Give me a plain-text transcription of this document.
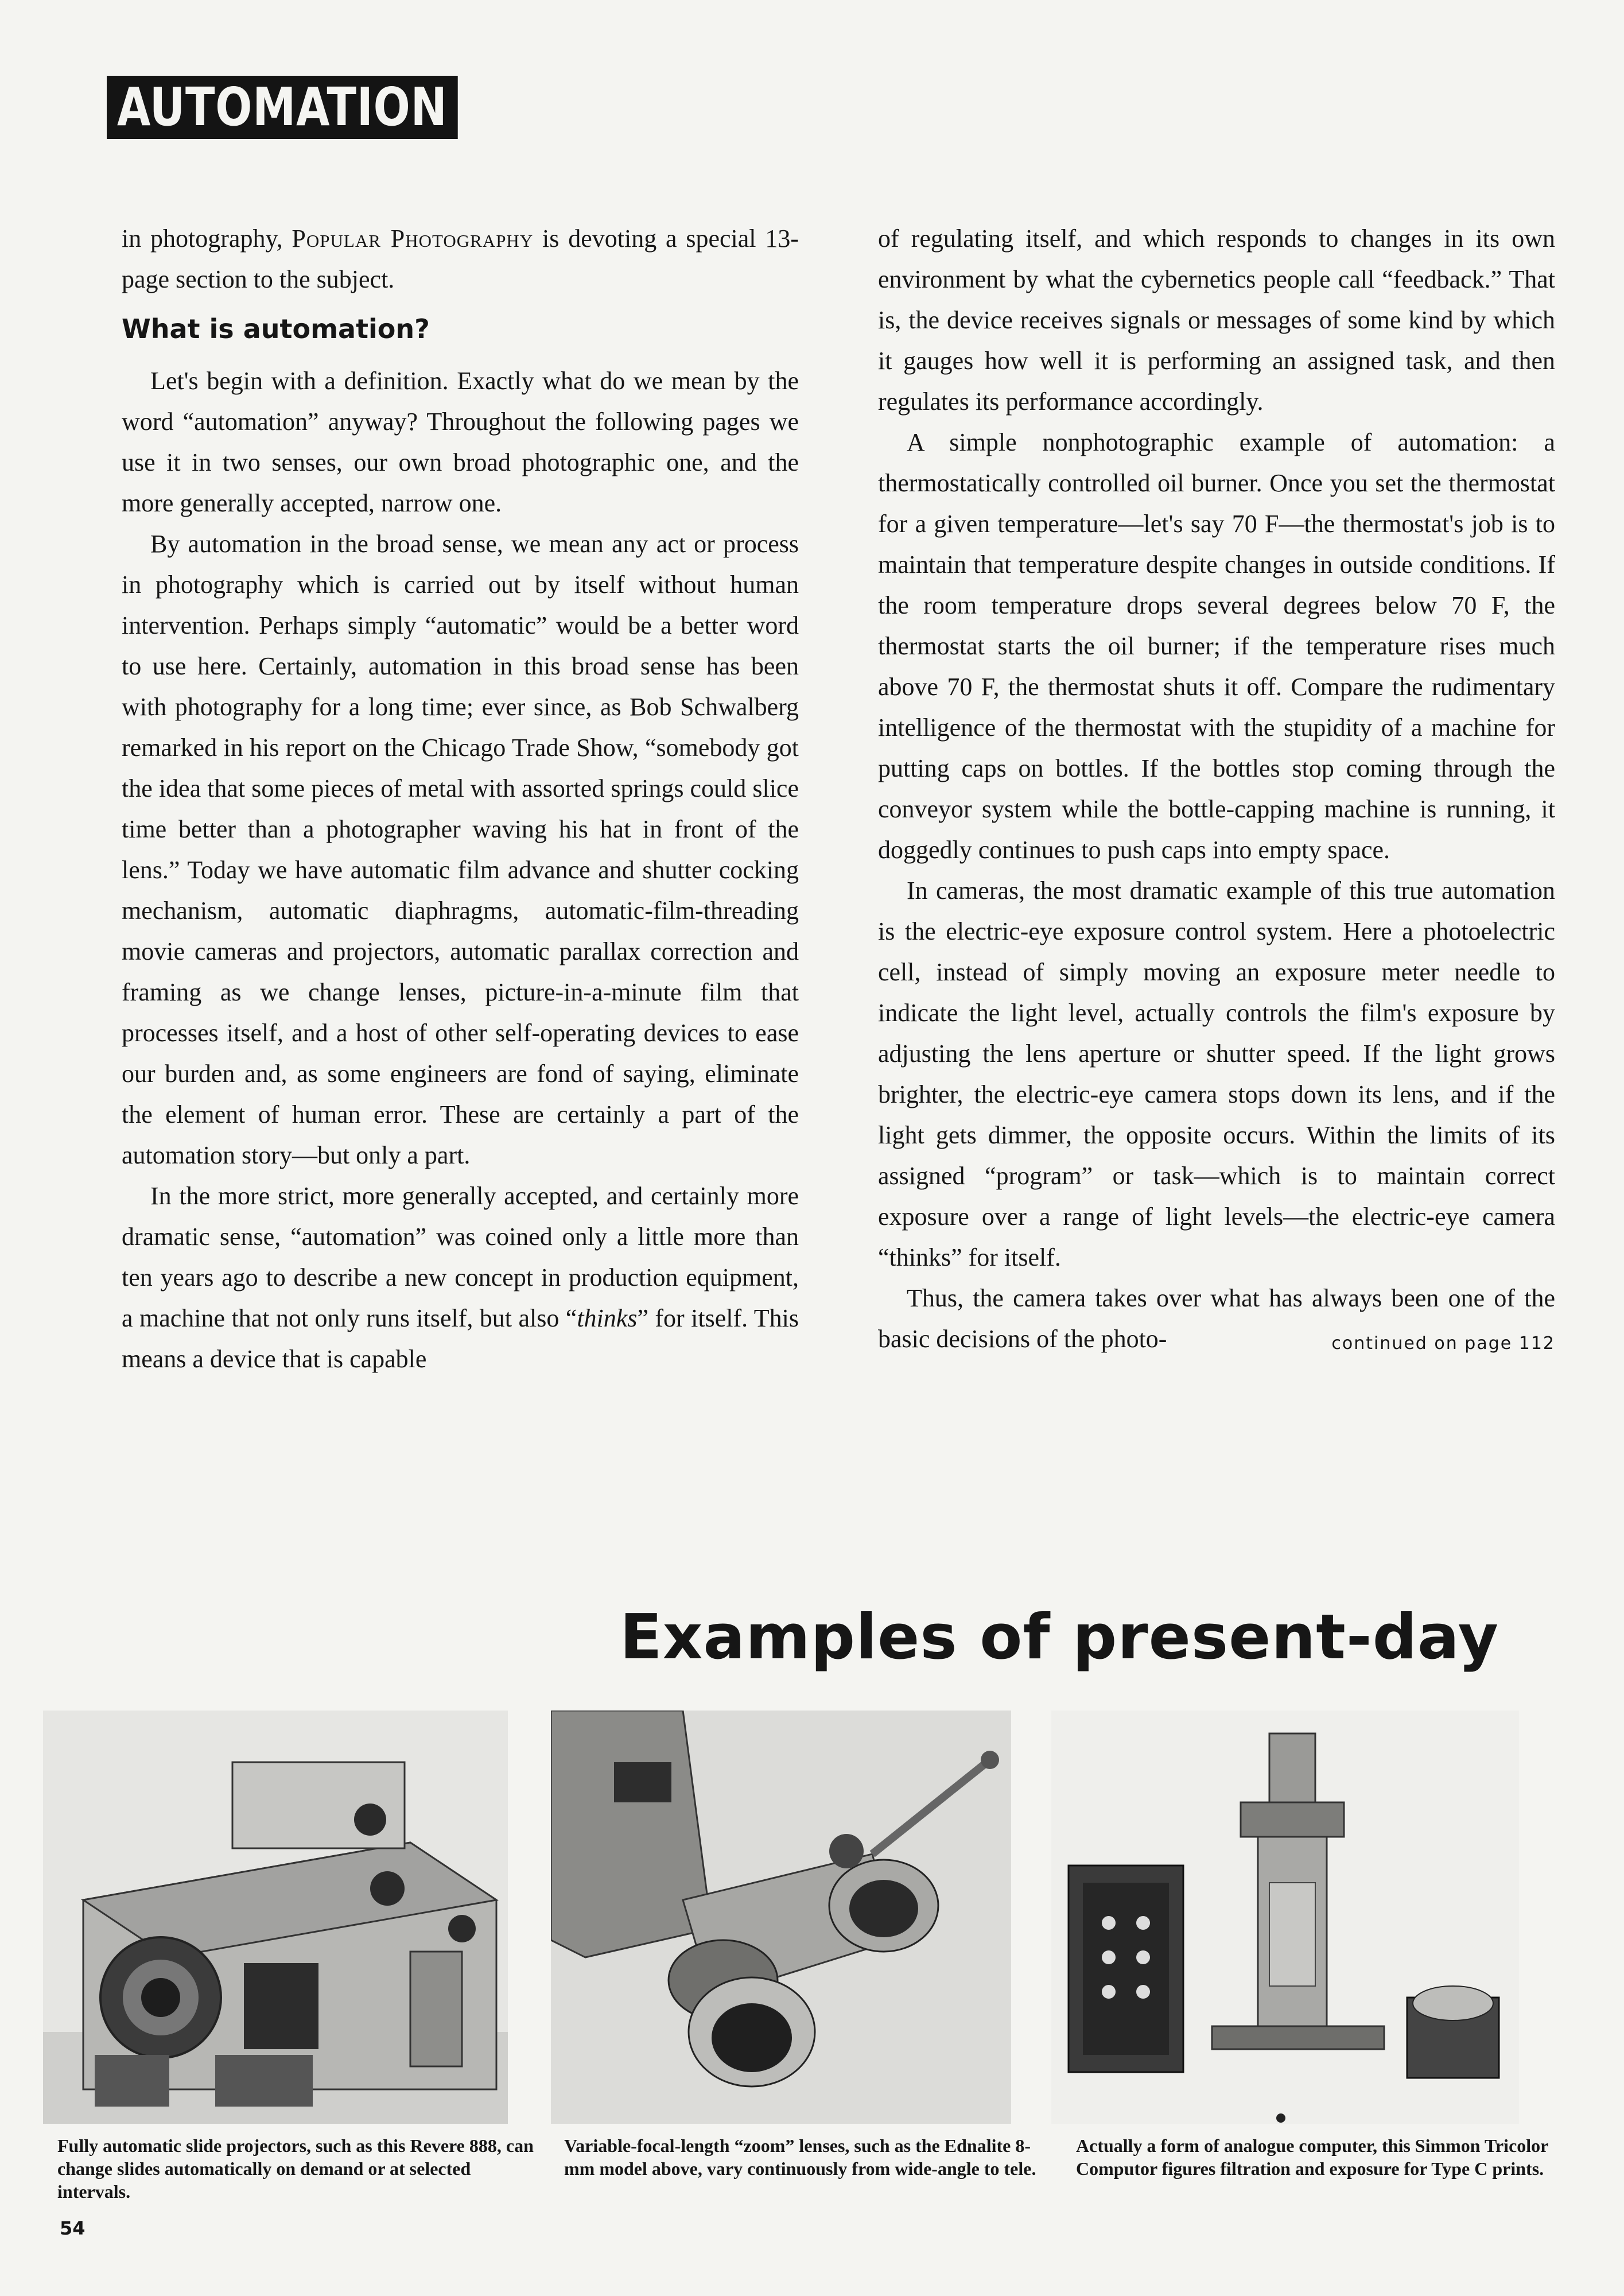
AUTOMATION

in photography, Popular Photography is devoting a special 13-page section to the subject.

What is automation?

Let's begin with a definition. Exactly what do we mean by the word “automation” anyway? Throughout the following pages we use it in two senses, our own broad photographic one, and the more generally accepted, narrow one.

By automation in the broad sense, we mean any act or process in photography which is carried out by itself without human intervention. Perhaps simply “automatic” would be a better word to use here. Certainly, automation in this broad sense has been with photography for a long time; ever since, as Bob Schwalberg remarked in his report on the Chicago Trade Show, “somebody got the idea that some pieces of metal with assorted springs could slice time better than a photographer waving his hat in front of the lens.” Today we have automatic film advance and shutter cocking mechanism, automatic diaphragms, automatic-film-threading movie cameras and projectors, automatic parallax correction and framing as we change lenses, picture-in-a-minute film that processes itself, and a host of other self-operating devices to ease our burden and, as some engineers are fond of saying, eliminate the element of human error. These are certainly a part of the automation story—but only a part.

In the more strict, more generally accepted, and certainly more dramatic sense, “automation” was coined only a little more than ten years ago to describe a new concept in production equipment, a machine that not only runs itself, but also “thinks” for itself. This means a device that is capable

of regulating itself, and which responds to changes in its own environment by what the cybernetics people call “feedback.” That is, the device receives signals or messages of some kind by which it gauges how well it is performing an assigned task, and then regulates its performance accordingly.

A simple nonphotographic example of automation: a thermostatically controlled oil burner. Once you set the thermostat for a given temperature—let's say 70 F—the thermostat's job is to maintain that temperature despite changes in outside conditions. If the room temperature drops several degrees below 70 F, the thermostat starts the oil burner; if the temperature rises much above 70 F, the thermostat shuts it off. Compare the rudimentary intelligence of the thermostat with the stupidity of a machine for putting caps on bottles. If the bottles stop coming through the conveyor system while the bottle-capping machine is running, it doggedly continues to push caps into empty space.

In cameras, the most dramatic example of this true automation is the electric-eye exposure control system. Here a photoelectric cell, instead of simply moving an exposure meter needle to indicate the light level, actually controls the film's exposure by adjusting the lens aperture or shutter speed. If the light grows brighter, the electric-eye camera stops down its lens, and if the light gets dimmer, the opposite occurs. Within the limits of its assigned “program” or task—which is to maintain correct exposure over a range of light levels—the electric-eye camera “thinks” for itself.

Thus, the camera takes over what has always been one of the basic decisions of the photo-	continued on page 112

Examples of present-day

Fully automatic slide projectors, such as this Revere 888, can change slides automatically on demand or at selected intervals.

Variable-focal-length “zoom” lenses, such as the Ednalite 8-mm model above, vary continuously from wide-angle to tele.

Actually a form of analogue computer, this Simmon Tricolor Computor figures filtration and exposure for Type C prints.

54
